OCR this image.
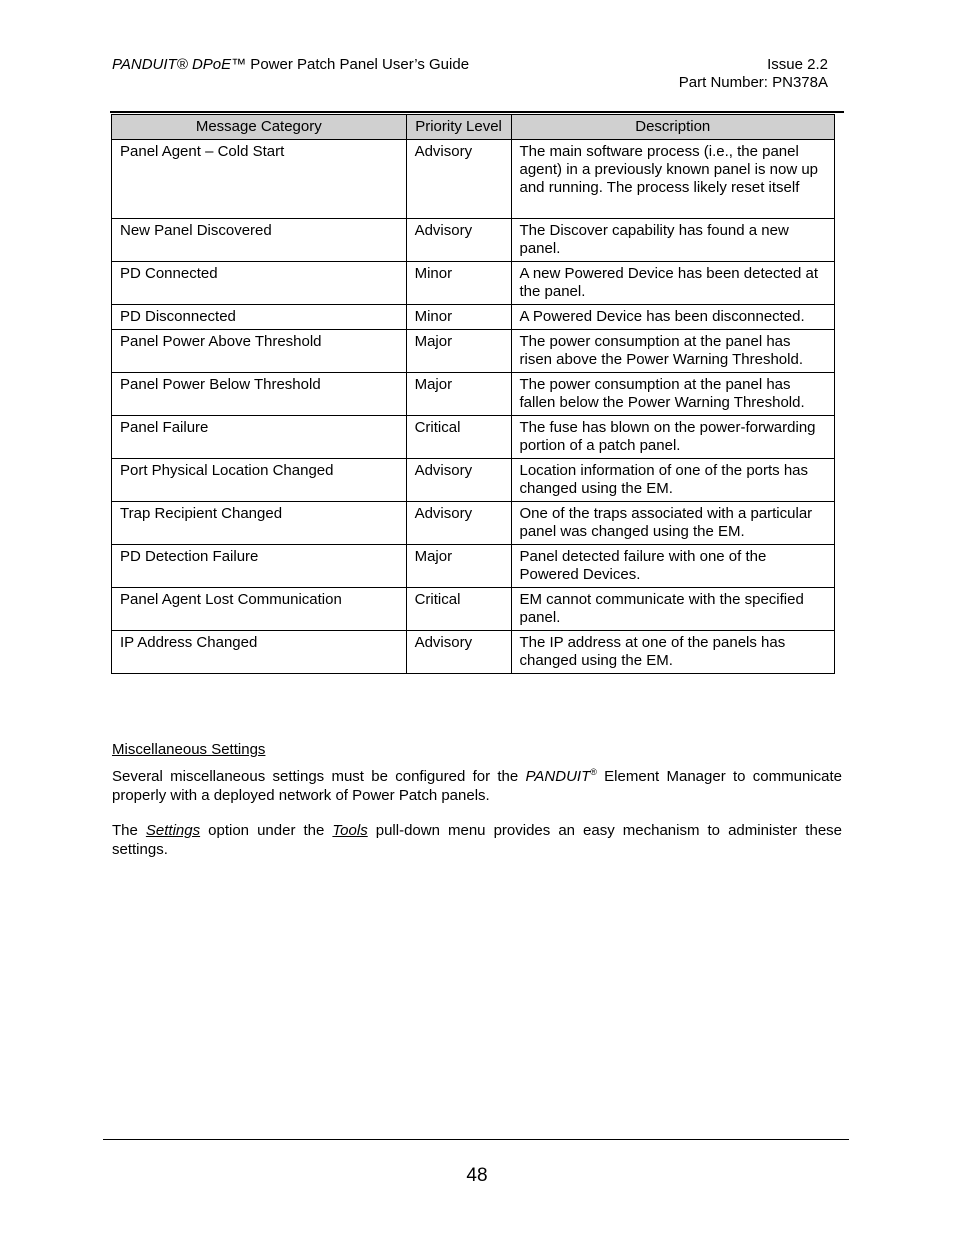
PANDUIT® DPoE™ Power Patch Panel User’s Guide	Issue 2.2
Part Number: PN378A
Message Category	Priority Level	Description
Panel Agent – Cold Start	Advisory	The main software process (i.e., the panel agent) in a previously known panel is now up and running. The process likely reset itself
New Panel Discovered	Advisory	The Discover capability has found a new panel.
PD Connected	Minor	A new Powered Device has been detected at the panel.
PD Disconnected	Minor	A Powered Device has been disconnected.
Panel Power Above Threshold	Major	The power consumption at the panel has risen above the Power Warning Threshold.
Panel Power Below Threshold	Major	The power consumption at the panel has fallen below the Power Warning Threshold.
Panel Failure	Critical	The fuse has blown on the power-forwarding portion of a patch panel.
Port Physical Location Changed	Advisory	Location information of one of the ports has changed using the EM.
Trap Recipient Changed	Advisory	One of the traps associated with a particular panel was changed using the EM.
PD Detection Failure	Major	Panel detected failure with one of the Powered Devices.
Panel Agent Lost Communication	Critical	EM cannot communicate with the specified panel.
IP Address Changed	Advisory	The IP address at one of the panels has changed using the EM.
Miscellaneous Settings
Several miscellaneous settings must be configured for the PANDUIT® Element Manager to communicate properly with a deployed network of Power Patch panels.
The Settings option under the Tools pull-down menu provides an easy mechanism to administer these settings.
48
